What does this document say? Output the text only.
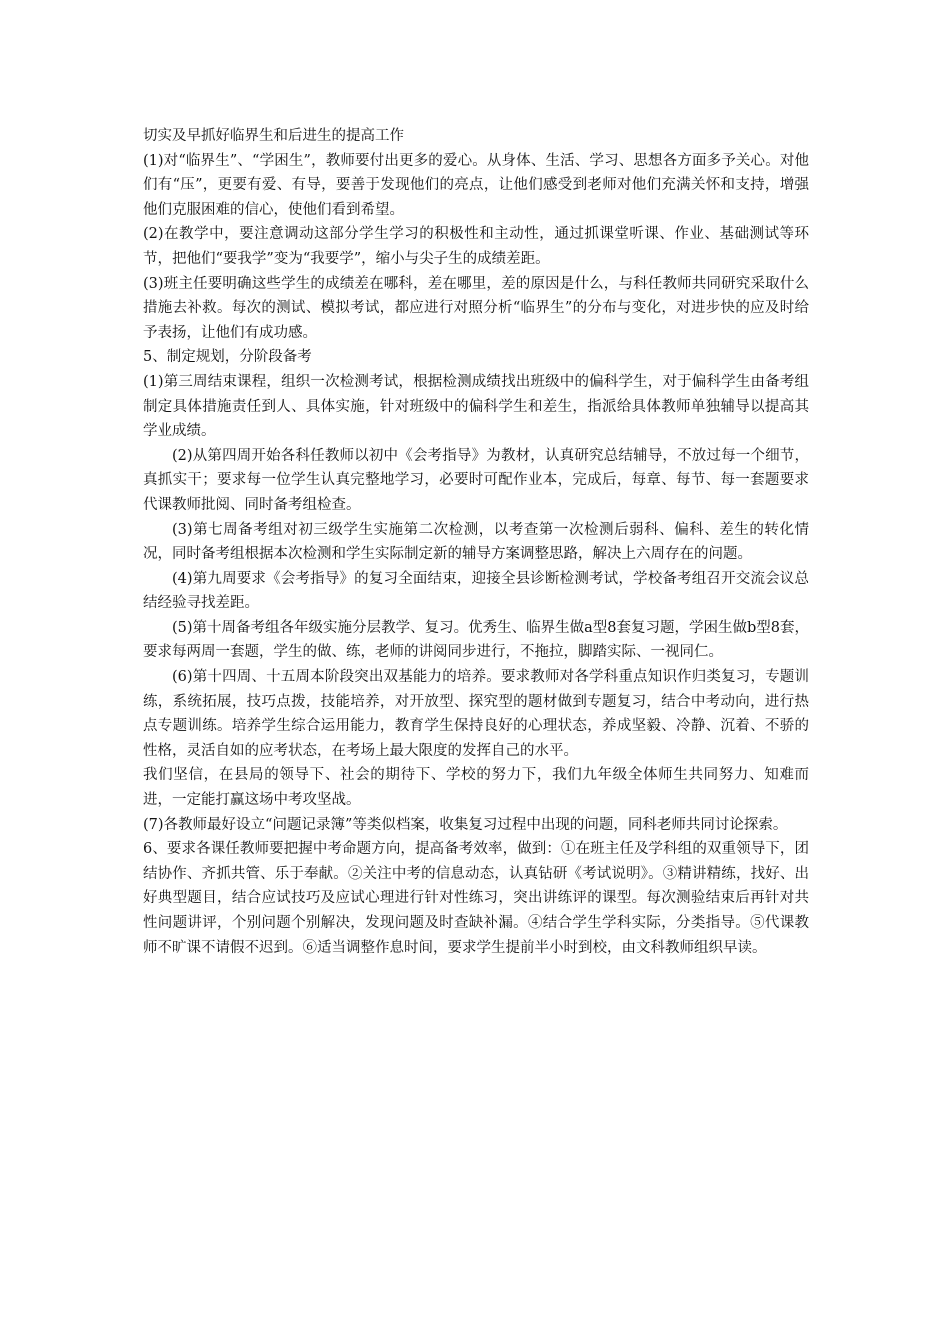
切实及早抓好临界生和后进生的提高工作

(1)对“临界生”、“学困生”，教师要付出更多的爱心。从身体、生活、学习、思想各方面多予关心。对他们有“压”，更要有爱、有导，要善于发现他们的亮点，让他们感受到老师对他们充满关怀和支持，增强他们克服困难的信心，使他们看到希望。

(2)在教学中，要注意调动这部分学生学习的积极性和主动性，通过抓课堂听课、作业、基础测试等环节，把他们“要我学”变为“我要学”，缩小与尖子生的成绩差距。

(3)班主任要明确这些学生的成绩差在哪科，差在哪里，差的原因是什么，与科任教师共同研究采取什么措施去补救。每次的测试、模拟考试，都应进行对照分析“临界生”的分布与变化，对进步快的应及时给予表扬，让他们有成功感。

5、制定规划，分阶段备考

(1)第三周结束课程，组织一次检测考试，根据检测成绩找出班级中的偏科学生，对于偏科学生由备考组制定具体措施责任到人、具体实施，针对班级中的偏科学生和差生，指派给具体教师单独辅导以提高其学业成绩。

(2)从第四周开始各科任教师以初中《会考指导》为教材，认真研究总结辅导，不放过每一个细节，真抓实干；要求每一位学生认真完整地学习，必要时可配作业本，完成后，每章、每节、每一套题要求代课教师批阅、同时备考组检查。

(3)第七周备考组对初三级学生实施第二次检测，以考查第一次检测后弱科、偏科、差生的转化情况，同时备考组根据本次检测和学生实际制定新的辅导方案调整思路，解决上六周存在的问题。

(4)第九周要求《会考指导》的复习全面结束，迎接全县诊断检测考试，学校备考组召开交流会议总结经验寻找差距。

(5)第十周备考组各年级实施分层教学、复习。优秀生、临界生做a型8套复习题，学困生做b型8套，要求每两周一套题，学生的做、练，老师的讲阅同步进行，不拖拉，脚踏实际、一视同仁。

(6)第十四周、十五周本阶段突出双基能力的培养。要求教师对各学科重点知识作归类复习，专题训练，系统拓展，技巧点拨，技能培养，对开放型、探究型的题材做到专题复习，结合中考动向，进行热点专题训练。培养学生综合运用能力，教育学生保持良好的心理状态，养成坚毅、冷静、沉着、不骄的性格，灵活自如的应考状态，在考场上最大限度的发挥自己的水平。

我们坚信，在县局的领导下、社会的期待下、学校的努力下，我们九年级全体师生共同努力、知难而进，一定能打赢这场中考攻坚战。

(7)各教师最好设立“问题记录簿”等类似档案，收集复习过程中出现的问题，同科老师共同讨论探索。

6、要求各课任教师要把握中考命题方向，提高备考效率，做到：①在班主任及学科组的双重领导下，团结协作、齐抓共管、乐于奉献。②关注中考的信息动态，认真钻研《考试说明》。③精讲精练，找好、出好典型题目，结合应试技巧及应试心理进行针对性练习，突出讲练评的课型。每次测验结束后再针对共性问题讲评，个别问题个别解决，发现问题及时查缺补漏。④结合学生学科实际，分类指导。⑤代课教师不旷课不请假不迟到。⑥适当调整作息时间，要求学生提前半小时到校，由文科教师组织早读。
